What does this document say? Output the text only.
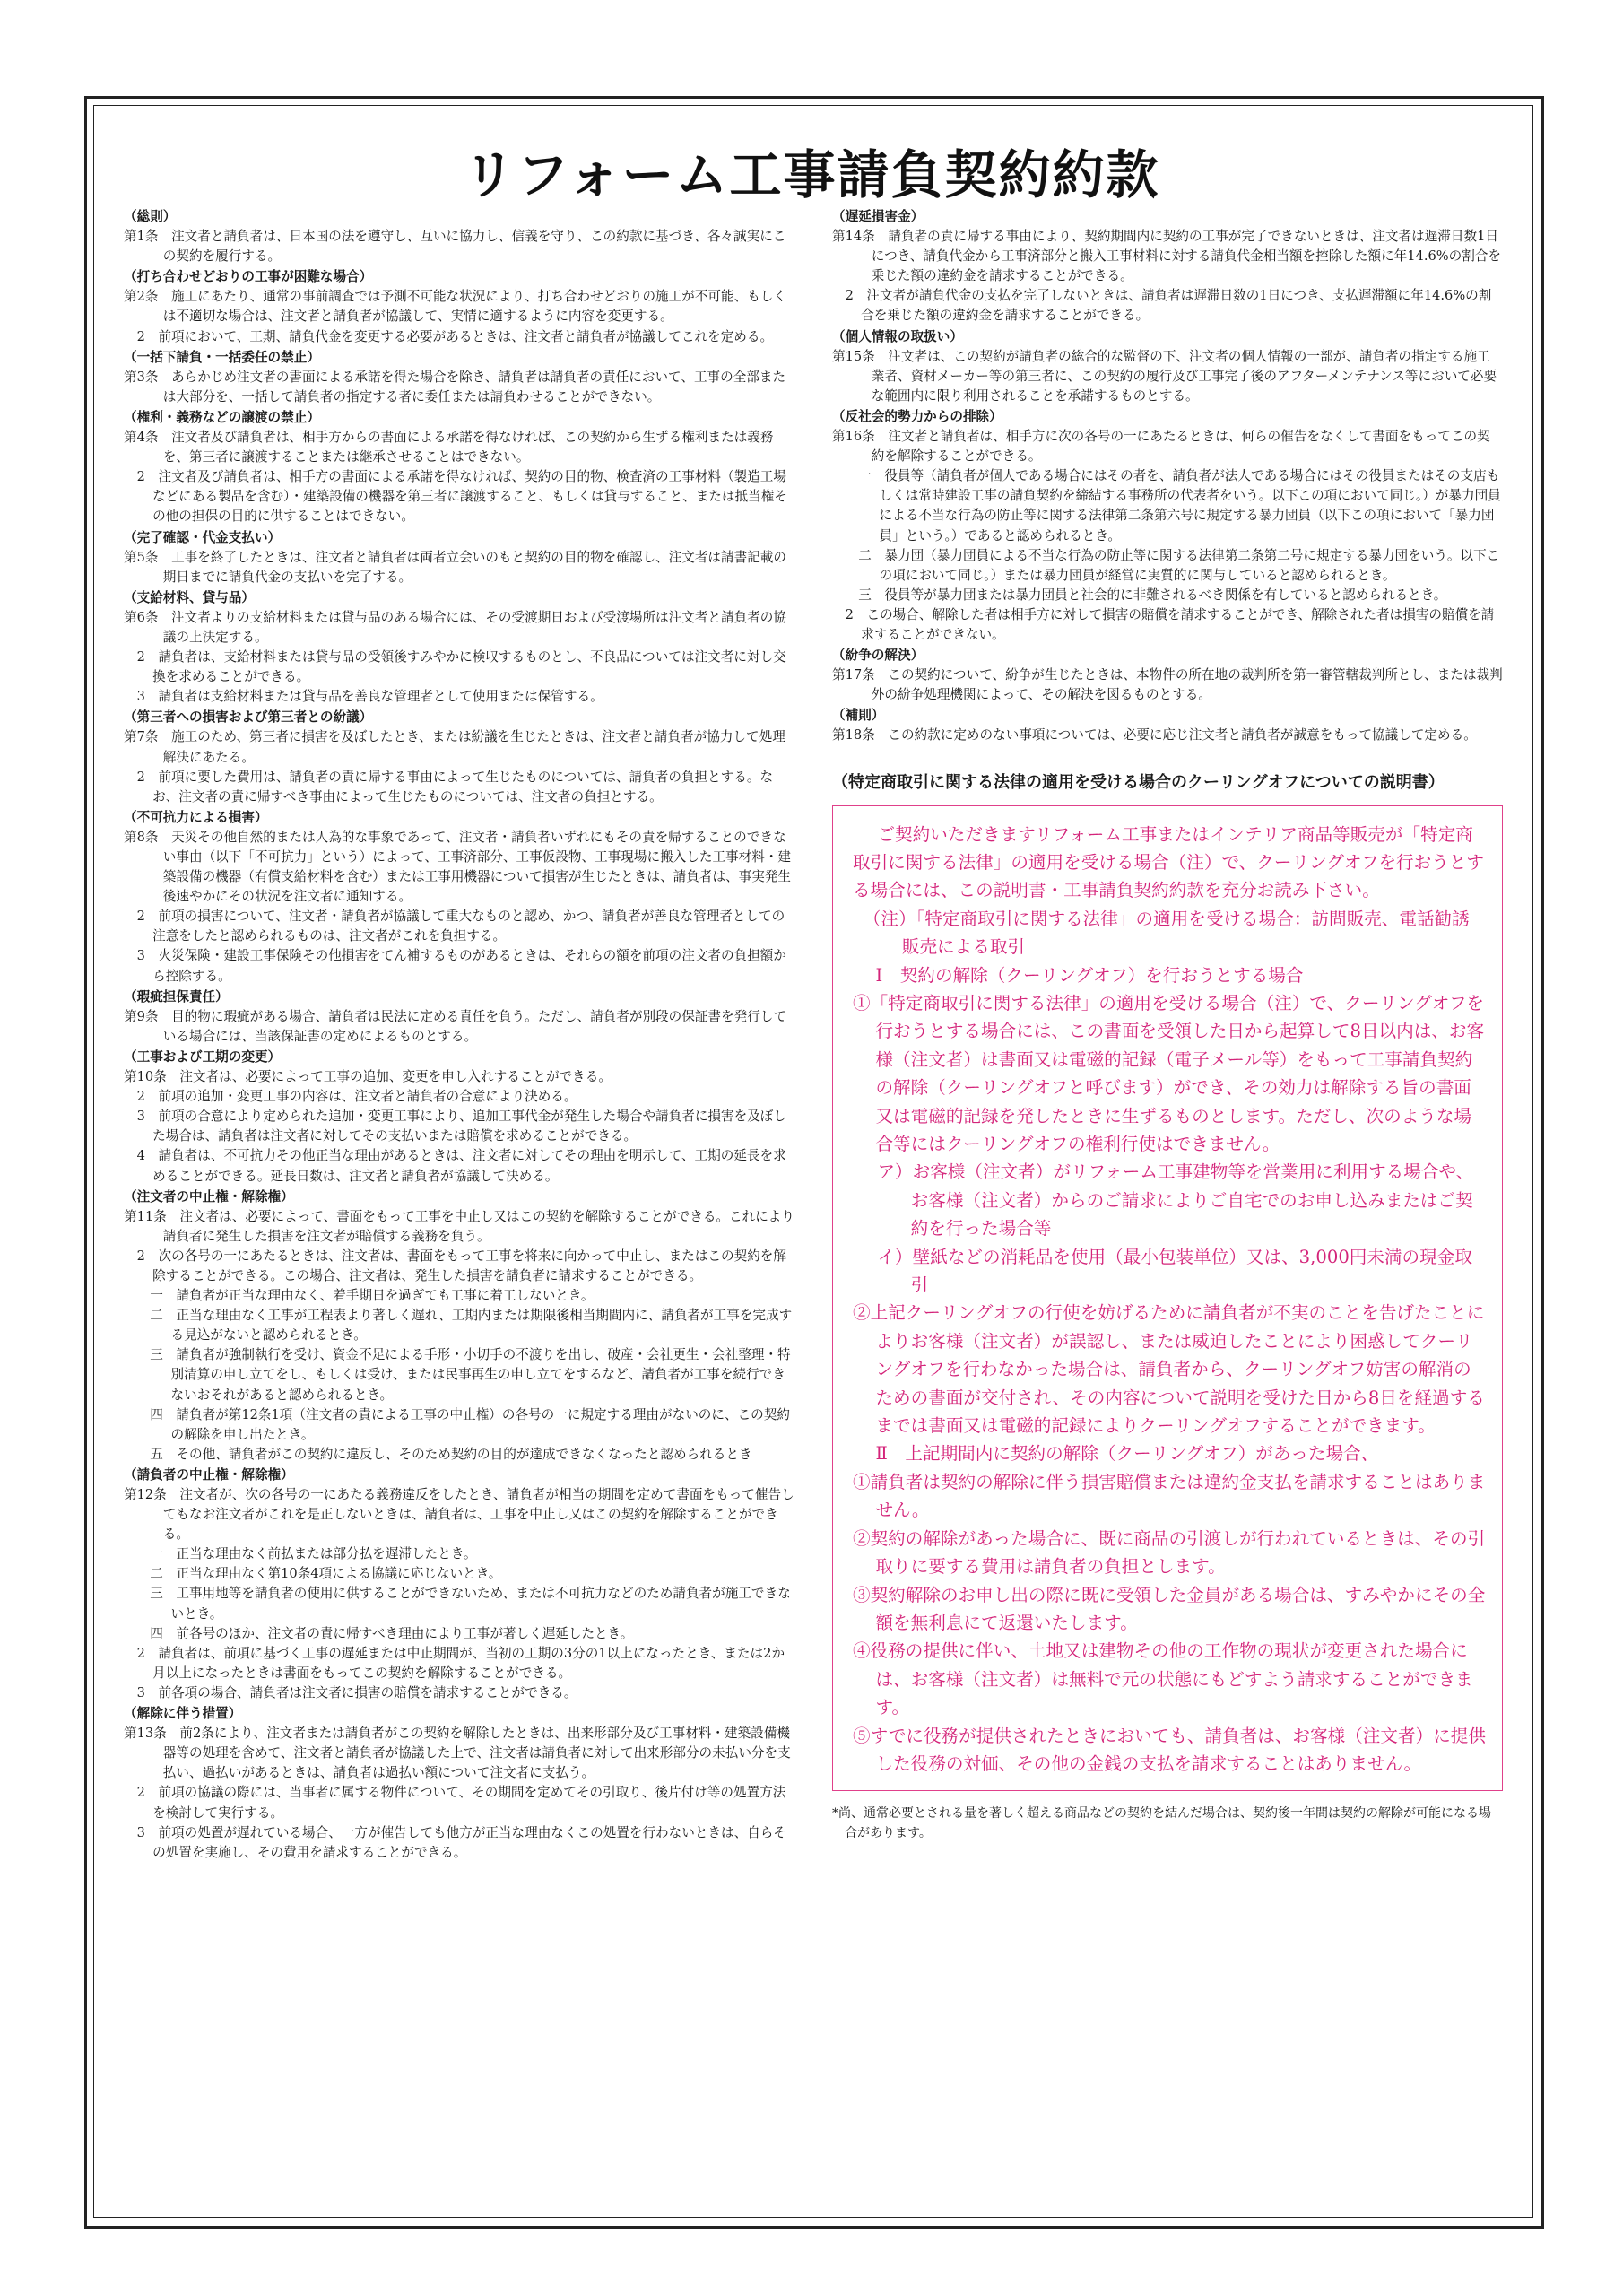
リフォーム工事請負契約約款
（総則）
第1条　注文者と請負者は、日本国の法を遵守し、互いに協力し、信義を守り、この約款に基づき、各々誠実にこの契約を履行する。
（打ち合わせどおりの工事が困難な場合）
第2条　施工にあたり、通常の事前調査では予測不可能な状況により、打ち合わせどおりの施工が不可能、もしくは不適切な場合は、注文者と請負者が協議して、実情に適するように内容を変更する。
2　前項において、工期、請負代金を変更する必要があるときは、注文者と請負者が協議してこれを定める。
（一括下請負・一括委任の禁止）
第3条　あらかじめ注文者の書面による承諾を得た場合を除き、請負者は請負者の責任において、工事の全部または大部分を、一括して請負者の指定する者に委任または請負わせることができない。
（権利・義務などの譲渡の禁止）
第4条　注文者及び請負者は、相手方からの書面による承諾を得なければ、この契約から生ずる権利または義務を、第三者に譲渡することまたは継承させることはできない。
2　注文者及び請負者は、相手方の書面による承諾を得なければ、契約の目的物、検査済の工事材料（製造工場などにある製品を含む）・建築設備の機器を第三者に譲渡すること、もしくは貸与すること、または抵当権その他の担保の目的に供することはできない。
（完了確認・代金支払い）
第5条　工事を終了したときは、注文者と請負者は両者立会いのもと契約の目的物を確認し、注文者は請書記載の期日までに請負代金の支払いを完了する。
（支給材料、貸与品）
第6条　注文者よりの支給材料または貸与品のある場合には、その受渡期日および受渡場所は注文者と請負者の協議の上決定する。
2　請負者は、支給材料または貸与品の受領後すみやかに検収するものとし、不良品については注文者に対し交換を求めることができる。
3　請負者は支給材料または貸与品を善良な管理者として使用または保管する。
（第三者への損害および第三者との紛議）
第7条　施工のため、第三者に損害を及ぼしたとき、または紛議を生じたときは、注文者と請負者が協力して処理解決にあたる。
2　前項に要した費用は、請負者の責に帰する事由によって生じたものについては、請負者の負担とする。なお、注文者の責に帰すべき事由によって生じたものについては、注文者の負担とする。
（不可抗力による損害）
第8条　天災その他自然的または人為的な事象であって、注文者・請負者いずれにもその責を帰することのできない事由（以下「不可抗力」という）によって、工事済部分、工事仮設物、工事現場に搬入した工事材料・建築設備の機器（有償支給材料を含む）または工事用機器について損害が生じたときは、請負者は、事実発生後速やかにその状況を注文者に通知する。
2　前項の損害について、注文者・請負者が協議して重大なものと認め、かつ、請負者が善良な管理者としての注意をしたと認められるものは、注文者がこれを負担する。
3　火災保険・建設工事保険その他損害をてん補するものがあるときは、それらの額を前項の注文者の負担額から控除する。
（瑕疵担保責任）
第9条　目的物に瑕疵がある場合、請負者は民法に定める責任を負う。ただし、請負者が別段の保証書を発行している場合には、当該保証書の定めによるものとする。
（工事および工期の変更）
第10条　注文者は、必要によって工事の追加、変更を申し入れすることができる。
2　前項の追加・変更工事の内容は、注文者と請負者の合意により決める。
3　前項の合意により定められた追加・変更工事により、追加工事代金が発生した場合や請負者に損害を及ぼした場合は、請負者は注文者に対してその支払いまたは賠償を求めることができる。
4　請負者は、不可抗力その他正当な理由があるときは、注文者に対してその理由を明示して、工期の延長を求めることができる。延長日数は、注文者と請負者が協議して決める。
（注文者の中止権・解除権）
第11条　注文者は、必要によって、書面をもって工事を中止し又はこの契約を解除することができる。これにより請負者に発生した損害を注文者が賠償する義務を負う。
2　次の各号の一にあたるときは、注文者は、書面をもって工事を将来に向かって中止し、またはこの契約を解除することができる。この場合、注文者は、発生した損害を請負者に請求することができる。
一　請負者が正当な理由なく、着手期日を過ぎても工事に着工しないとき。
二　正当な理由なく工事が工程表より著しく遅れ、工期内または期限後相当期間内に、請負者が工事を完成する見込がないと認められるとき。
三　請負者が強制執行を受け、資金不足による手形・小切手の不渡りを出し、破産・会社更生・会社整理・特別清算の申し立てをし、もしくは受け、または民事再生の申し立てをするなど、請負者が工事を続行できないおそれがあると認められるとき。
四　請負者が第12条1項（注文者の責による工事の中止権）の各号の一に規定する理由がないのに、この契約の解除を申し出たとき。
五　その他、請負者がこの契約に違反し、そのため契約の目的が達成できなくなったと認められるとき
（請負者の中止権・解除権）
第12条　注文者が、次の各号の一にあたる義務違反をしたとき、請負者が相当の期間を定めて書面をもって催告してもなお注文者がこれを是正しないときは、請負者は、工事を中止し又はこの契約を解除することができる。
一　正当な理由なく前払または部分払を遅滞したとき。
二　正当な理由なく第10条4項による協議に応じないとき。
三　工事用地等を請負者の使用に供することができないため、または不可抗力などのため請負者が施工できないとき。
四　前各号のほか、注文者の責に帰すべき理由により工事が著しく遅延したとき。
2　請負者は、前項に基づく工事の遅延または中止期間が、当初の工期の3分の1以上になったとき、または2か月以上になったときは書面をもってこの契約を解除することができる。
3　前各項の場合、請負者は注文者に損害の賠償を請求することができる。
（解除に伴う措置）
第13条　前2条により、注文者または請負者がこの契約を解除したときは、出来形部分及び工事材料・建築設備機器等の処理を含めて、注文者と請負者が協議した上で、注文者は請負者に対して出来形部分の未払い分を支払い、過払いがあるときは、請負者は過払い額について注文者に支払う。
2　前項の協議の際には、当事者に属する物件について、その期間を定めてその引取り、後片付け等の処置方法を検討して実行する。
3　前項の処置が遅れている場合、一方が催告しても他方が正当な理由なくこの処置を行わないときは、自らその処置を実施し、その費用を請求することができる。
（遅延損害金）
第14条　請負者の責に帰する事由により、契約期間内に契約の工事が完了できないときは、注文者は遅滞日数1日につき、請負代金から工事済部分と搬入工事材料に対する請負代金相当額を控除した額に年14.6%の割合を乗じた額の違約金を請求することができる。
2　注文者が請負代金の支払を完了しないときは、請負者は遅滞日数の1日につき、支払遅滞額に年14.6%の割合を乗じた額の違約金を請求することができる。
（個人情報の取扱い）
第15条　注文者は、この契約が請負者の総合的な監督の下、注文者の個人情報の一部が、請負者の指定する施工業者、資材メーカー等の第三者に、この契約の履行及び工事完了後のアフターメンテナンス等において必要な範囲内に限り利用されることを承諾するものとする。
（反社会的勢力からの排除）
第16条　注文者と請負者は、相手方に次の各号の一にあたるときは、何らの催告をなくして書面をもってこの契約を解除することができる。
一　役員等（請負者が個人である場合にはその者を、請負者が法人である場合にはその役員またはその支店もしくは常時建設工事の請負契約を締結する事務所の代表者をいう。以下この項において同じ。）が暴力団員による不当な行為の防止等に関する法律第二条第六号に規定する暴力団員（以下この項において「暴力団員」という。）であると認められるとき。
二　暴力団（暴力団員による不当な行為の防止等に関する法律第二条第二号に規定する暴力団をいう。以下この項において同じ。）または暴力団員が経営に実質的に関与していると認められるとき。
三　役員等が暴力団または暴力団員と社会的に非難されるべき関係を有していると認められるとき。
2　この場合、解除した者は相手方に対して損害の賠償を請求することができ、解除された者は損害の賠償を請求することができない。
（紛争の解決）
第17条　この契約について、紛争が生じたときは、本物件の所在地の裁判所を第一審管轄裁判所とし、または裁判外の紛争処理機関によって、その解決を図るものとする。
（補則）
第18条　この約款に定めのない事項については、必要に応じ注文者と請負者が誠意をもって協議して定める。
（特定商取引に関する法律の適用を受ける場合のクーリングオフについての説明書）
ご契約いただきますリフォーム工事またはインテリア商品等販売が「特定商取引に関する法律」の適用を受ける場合（注）で、クーリングオフを行おうとする場合には、この説明書・工事請負契約約款を充分お読み下さい。
（注）「特定商取引に関する法律」の適用を受ける場合：訪問販売、電話勧誘販売による取引
Ⅰ　契約の解除（クーリングオフ）を行おうとする場合
①「特定商取引に関する法律」の適用を受ける場合（注）で、クーリングオフを行おうとする場合には、この書面を受領した日から起算して8日以内は、お客様（注文者）は書面又は電磁的記録（電子メール等）をもって工事請負契約の解除（クーリングオフと呼びます）ができ、その効力は解除する旨の書面又は電磁的記録を発したときに生ずるものとします。ただし、次のような場合等にはクーリングオフの権利行使はできません。
ア）お客様（注文者）がリフォーム工事建物等を営業用に利用する場合や、お客様（注文者）からのご請求によりご自宅でのお申し込みまたはご契約を行った場合等
イ）壁紙などの消耗品を使用（最小包装単位）又は、3,000円未満の現金取引
②上記クーリングオフの行使を妨げるために請負者が不実のことを告げたことによりお客様（注文者）が誤認し、または威迫したことにより困惑してクーリングオフを行わなかった場合は、請負者から、クーリングオフ妨害の解消のための書面が交付され、その内容について説明を受けた日から8日を経過するまでは書面又は電磁的記録によりクーリングオフすることができます。
Ⅱ　上記期間内に契約の解除（クーリングオフ）があった場合、
①請負者は契約の解除に伴う損害賠償または違約金支払を請求することはありません。
②契約の解除があった場合に、既に商品の引渡しが行われているときは、その引取りに要する費用は請負者の負担とします。
③契約解除のお申し出の際に既に受領した金員がある場合は、すみやかにその全額を無利息にて返還いたします。
④役務の提供に伴い、土地又は建物その他の工作物の現状が変更された場合には、お客様（注文者）は無料で元の状態にもどすよう請求することができます。
⑤すでに役務が提供されたときにおいても、請負者は、お客様（注文者）に提供した役務の対価、その他の金銭の支払を請求することはありません。
*尚、通常必要とされる量を著しく超える商品などの契約を結んだ場合は、契約後一年間は契約の解除が可能になる場合があります。
